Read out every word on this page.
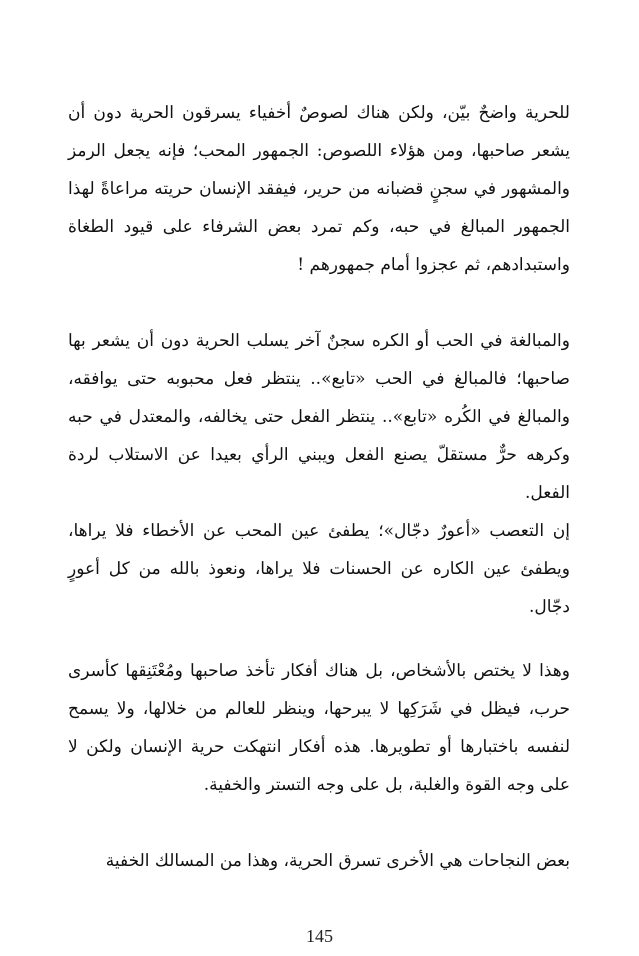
للحرية واضحٌ بيّن، ولكن هناك لصوصٌ أخفياء يسرقون الحرية دون أن يشعر صاحبها، ومن هؤلاء اللصوص: الجمهور المحب؛ فإنه يجعل الرمز والمشهور في سجنٍ قضبانه من حرير، فيفقد الإنسان حريته مراعاةً لهذا الجمهور المبالغ في حبه، وكم تمرد بعض الشرفاء على قيود الطغاة واستبدادهم، ثم عجزوا أمام جمهورهم !

والمبالغة في الحب أو الكره سجنٌ آخر يسلب الحرية دون أن يشعر بها صاحبها؛ فالمبالغ في الحب «تابع».. ينتظر فعل محبوبه حتى يوافقه، والمبالغ في الكُره «تابع».. ينتظر الفعل حتى يخالفه، والمعتدل في حبه وكرهه حرٌّ مستقلّ يصنع الفعل ويبني الرأي بعيدا عن الاستلاب لردة الفعل.

إن التعصب «أعورٌ دجّال»؛ يطفئ عين المحب عن الأخطاء فلا يراها، ويطفئ عين الكاره عن الحسنات فلا يراها، ونعوذ بالله من كل أعورٍ دجّال.

وهذا لا يختص بالأشخاص، بل هناك أفكار تأخذ صاحبها ومُعْتَنِقها كأسرى حرب، فيظل في شَرَكِها لا يبرحها، وينظر للعالم من خلالها، ولا يسمح لنفسه باختبارها أو تطويرها. هذه أفكار انتهكت حرية الإنسان ولكن لا على وجه القوة والغلبة، بل على وجه التستر والخفية.

بعض النجاحات هي الأخرى تسرق الحرية، وهذا من المسالك الخفية

145
